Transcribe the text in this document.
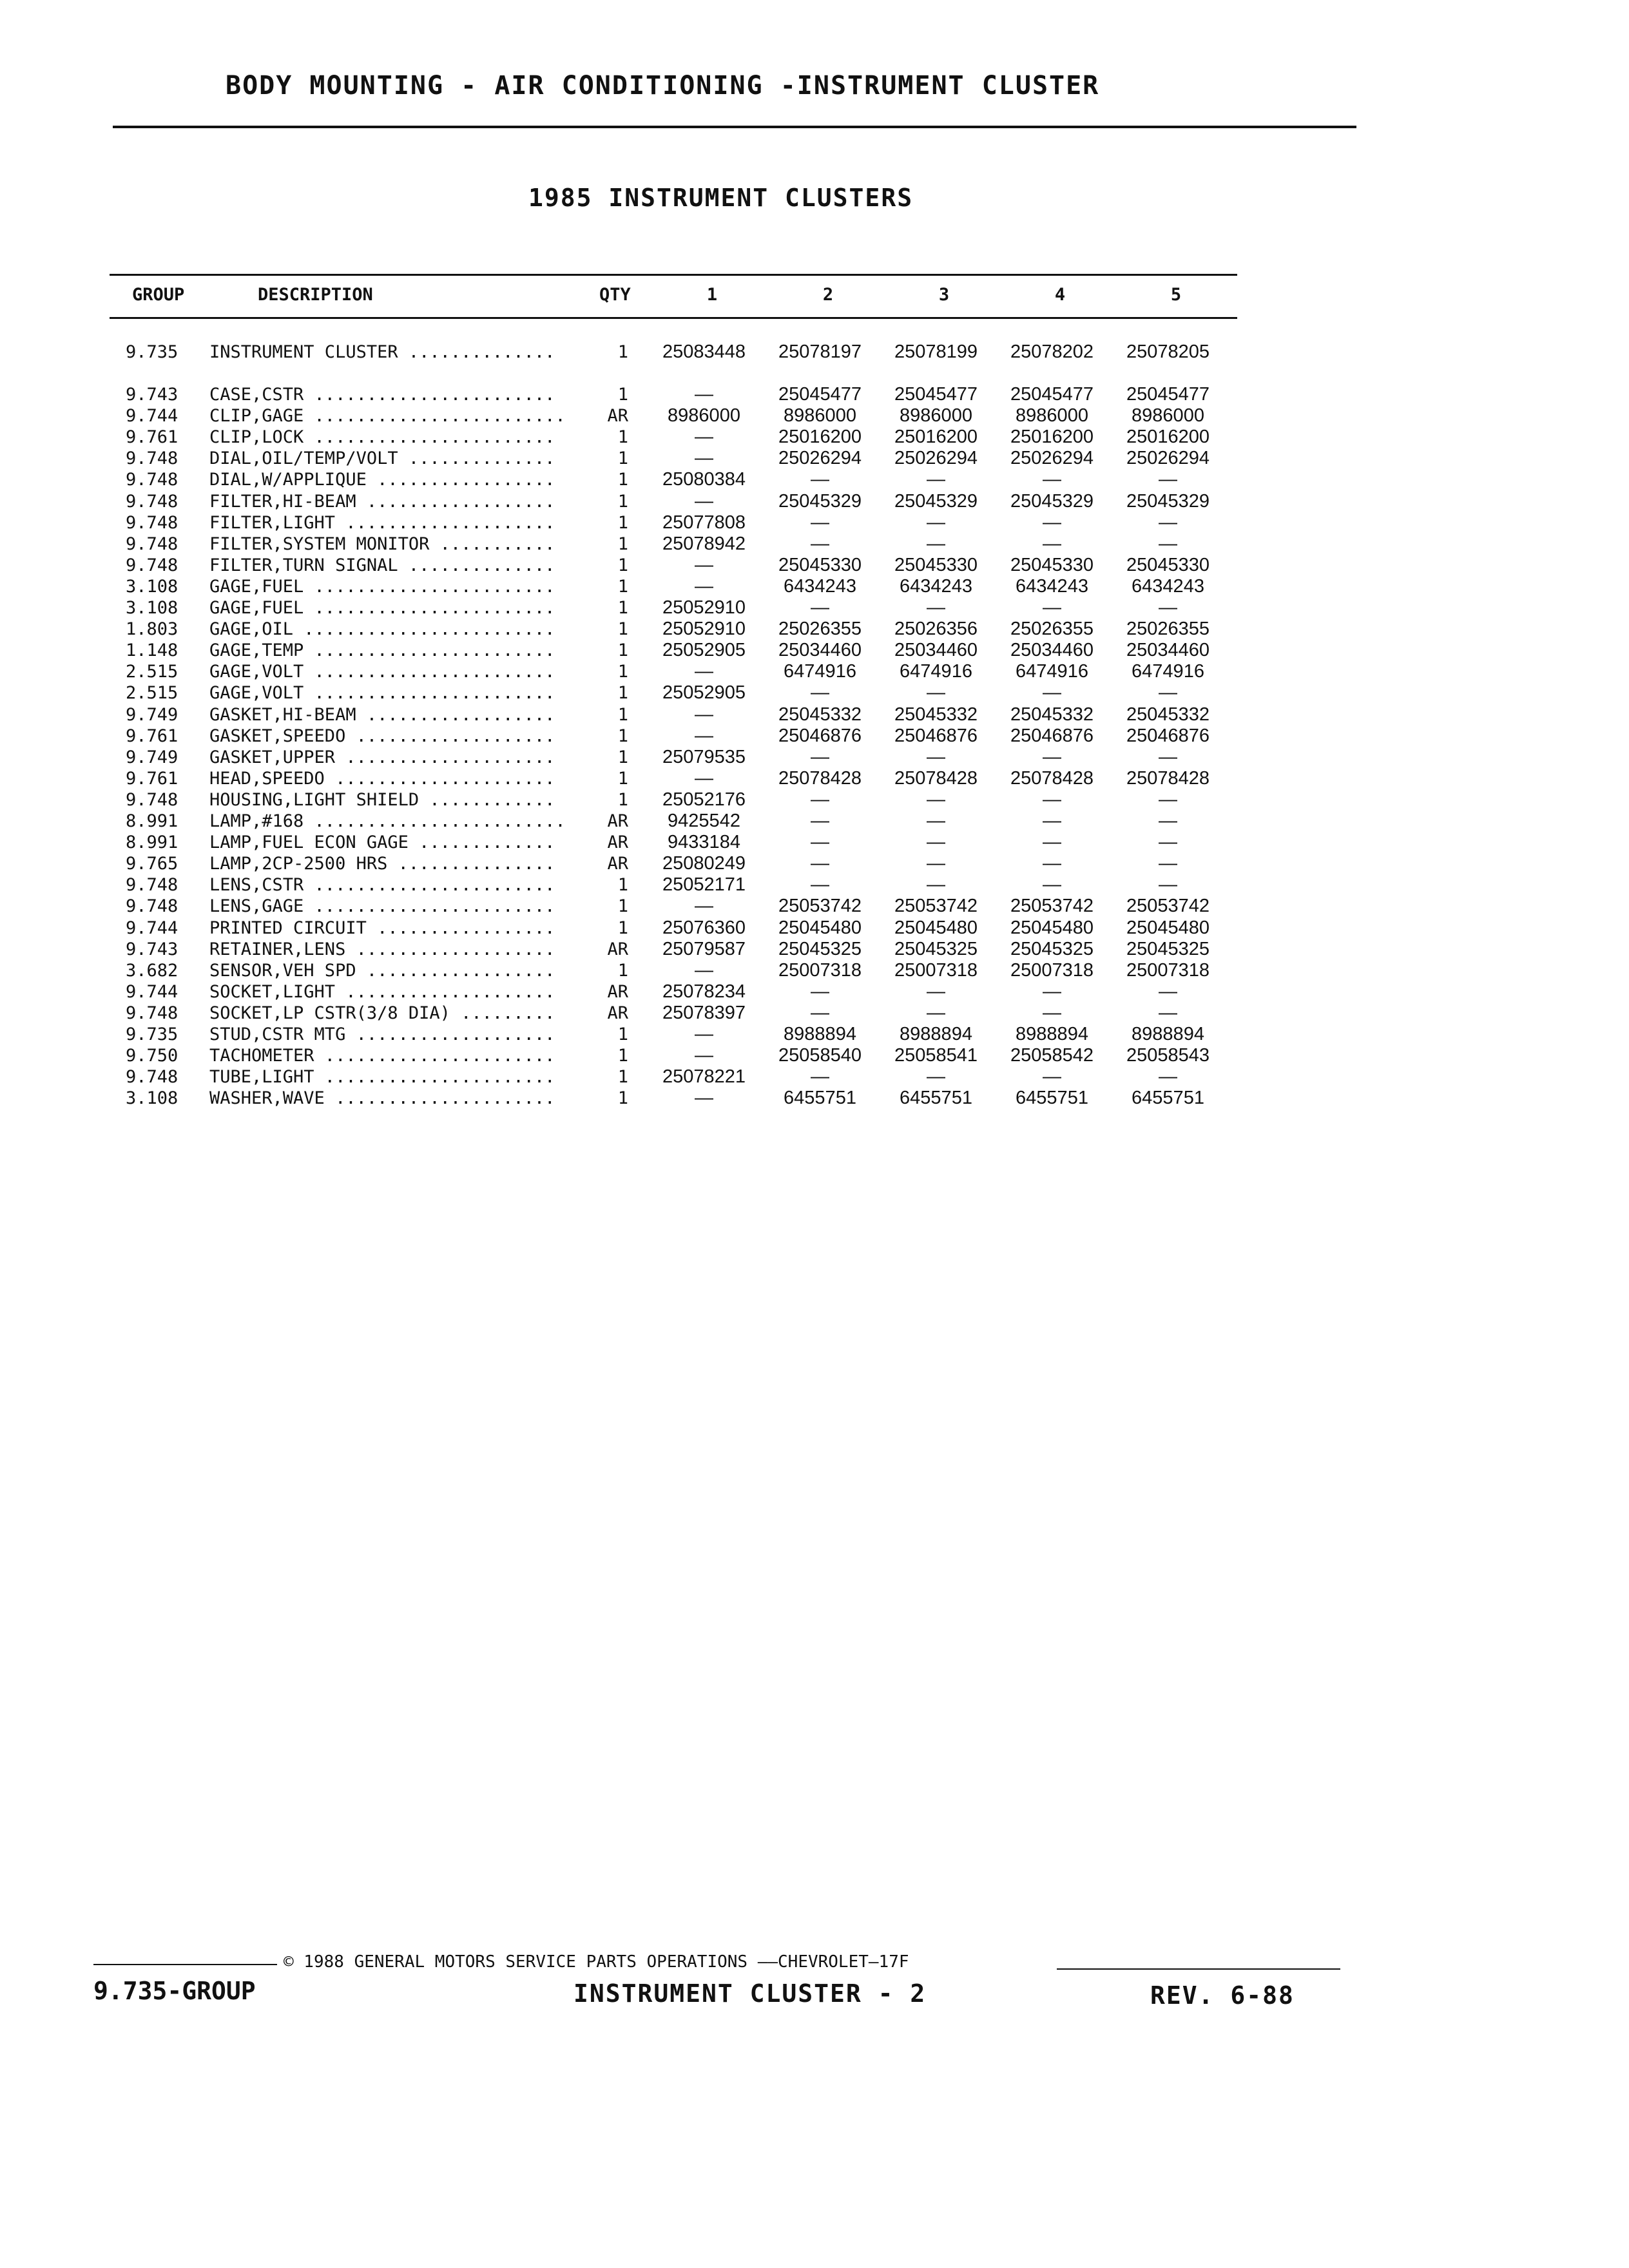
BODY MOUNTING - AIR CONDITIONING -INSTRUMENT CLUSTER
1985 INSTRUMENT CLUSTERS
GROUP	DESCRIPTION	QTY	1	2	3	4	5
9.735	INSTRUMENT CLUSTER ..............	1	25083448	25078197	25078199	25078202	25078205
9.743	CASE,CSTR .......................	1	—	25045477	25045477	25045477	25045477
9.744	CLIP,GAGE ........................	AR	8986000	8986000	8986000	8986000	8986000
9.761	CLIP,LOCK .......................	1	—	25016200	25016200	25016200	25016200
9.748	DIAL,OIL/TEMP/VOLT ..............	1	—	25026294	25026294	25026294	25026294
9.748	DIAL,W/APPLIQUE .................	1	25080384	—	—	—	—
9.748	FILTER,HI-BEAM ..................	1	—	25045329	25045329	25045329	25045329
9.748	FILTER,LIGHT ....................	1	25077808	—	—	—	—
9.748	FILTER,SYSTEM MONITOR ...........	1	25078942	—	—	—	—
9.748	FILTER,TURN SIGNAL ..............	1	—	25045330	25045330	25045330	25045330
3.108	GAGE,FUEL .......................	1	—	6434243	6434243	6434243	6434243
3.108	GAGE,FUEL .......................	1	25052910	—	—	—	—
1.803	GAGE,OIL ........................	1	25052910	25026355	25026356	25026355	25026355
1.148	GAGE,TEMP .......................	1	25052905	25034460	25034460	25034460	25034460
2.515	GAGE,VOLT .......................	1	—	6474916	6474916	6474916	6474916
2.515	GAGE,VOLT .......................	1	25052905	—	—	—	—
9.749	GASKET,HI-BEAM ..................	1	—	25045332	25045332	25045332	25045332
9.761	GASKET,SPEEDO ...................	1	—	25046876	25046876	25046876	25046876
9.749	GASKET,UPPER ....................	1	25079535	—	—	—	—
9.761	HEAD,SPEEDO .....................	1	—	25078428	25078428	25078428	25078428
9.748	HOUSING,LIGHT SHIELD ............	1	25052176	—	—	—	—
8.991	LAMP,#168 ........................	AR	9425542	—	—	—	—
8.991	LAMP,FUEL ECON GAGE .............	AR	9433184	—	—	—	—
9.765	LAMP,2CP-2500 HRS ...............	AR	25080249	—	—	—	—
9.748	LENS,CSTR .......................	1	25052171	—	—	—	—
9.748	LENS,GAGE .......................	1	—	25053742	25053742	25053742	25053742
9.744	PRINTED CIRCUIT .................	1	25076360	25045480	25045480	25045480	25045480
9.743	RETAINER,LENS ...................	AR	25079587	25045325	25045325	25045325	25045325
3.682	SENSOR,VEH SPD ..................	1	—	25007318	25007318	25007318	25007318
9.744	SOCKET,LIGHT ....................	AR	25078234	—	—	—	—
9.748	SOCKET,LP CSTR(3/8 DIA) .........	AR	25078397	—	—	—	—
9.735	STUD,CSTR MTG ...................	1	—	8988894	8988894	8988894	8988894
9.750	TACHOMETER ......................	1	—	25058540	25058541	25058542	25058543
9.748	TUBE,LIGHT ......................	1	25078221	—	—	—	—
3.108	WASHER,WAVE .....................	1	—	6455751	6455751	6455751	6455751
© 1988 GENERAL MOTORS SERVICE PARTS OPERATIONS ——CHEVROLET—17F
9.735-GROUP	INSTRUMENT CLUSTER - 2	REV. 6-88
